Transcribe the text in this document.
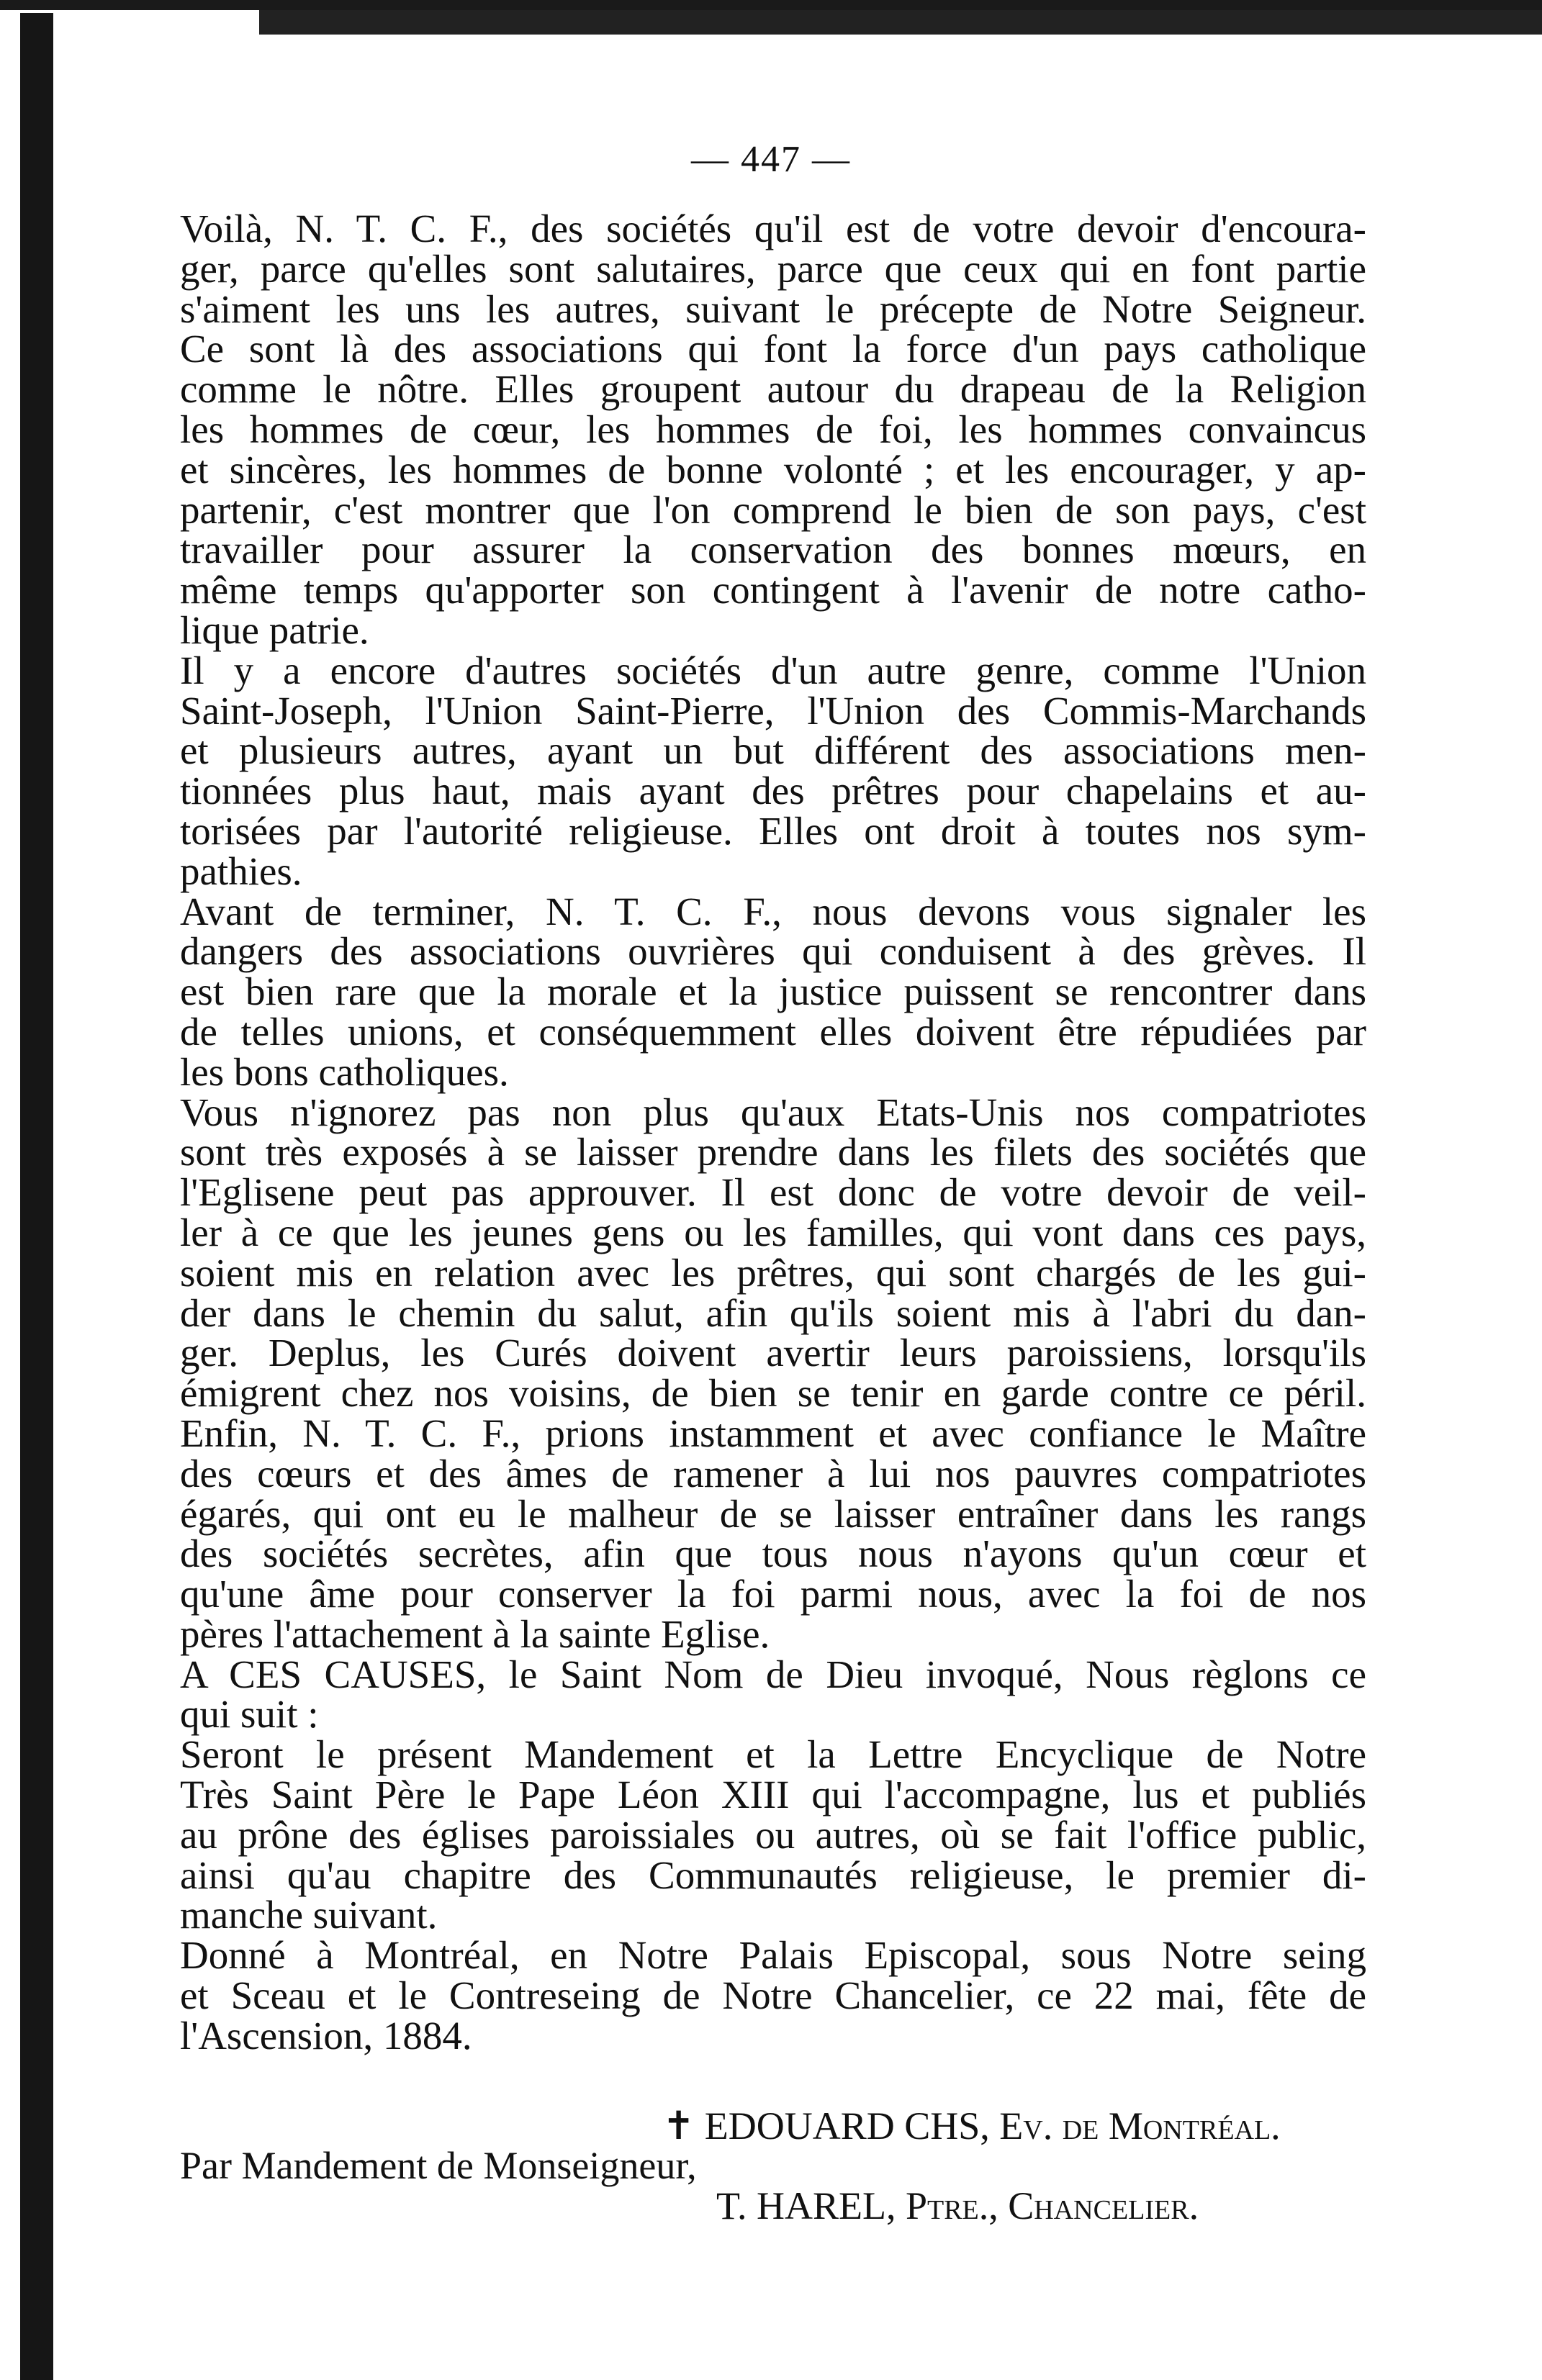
— 447 —
Voilà, N. T. C. F., des sociétés qu'il est de votre devoir d'encoura-
ger, parce qu'elles sont salutaires, parce que ceux qui en font partie
s'aiment les uns les autres, suivant le précepte de Notre Seigneur.
Ce sont là des associations qui font la force d'un pays catholique
comme le nôtre. Elles groupent autour du drapeau de la Religion
les hommes de cœur, les hommes de foi, les hommes convaincus
et sincères, les hommes de bonne volonté ; et les encourager, y ap-
partenir, c'est montrer que l'on comprend le bien de son pays, c'est
travailler pour assurer la conservation des bonnes mœurs, en
même temps qu'apporter son contingent à l'avenir de notre catho-
lique patrie.
Il y a encore d'autres sociétés d'un autre genre, comme l'Union
Saint-Joseph, l'Union Saint-Pierre, l'Union des Commis-Marchands
et plusieurs autres, ayant un but différent des associations men-
tionnées plus haut, mais ayant des prêtres pour chapelains et au-
torisées par l'autorité religieuse. Elles ont droit à toutes nos sym-
pathies.
Avant de terminer, N. T. C. F., nous devons vous signaler les
dangers des associations ouvrières qui conduisent à des grèves. Il
est bien rare que la morale et la justice puissent se rencontrer dans
de telles unions, et conséquemment elles doivent être répudiées par
les bons catholiques.
Vous n'ignorez pas non plus qu'aux Etats-Unis nos compatriotes
sont très exposés à se laisser prendre dans les filets des sociétés que
l'Eglisene peut pas approuver. Il est donc de votre devoir de veil-
ler à ce que les jeunes gens ou les familles, qui vont dans ces pays,
soient mis en relation avec les prêtres, qui sont chargés de les gui-
der dans le chemin du salut, afin qu'ils soient mis à l'abri du dan-
ger. Deplus, les Curés doivent avertir leurs paroissiens, lorsqu'ils
émigrent chez nos voisins, de bien se tenir en garde contre ce péril.
Enfin, N. T. C. F., prions instamment et avec confiance le Maître
des cœurs et des âmes de ramener à lui nos pauvres compatriotes
égarés, qui ont eu le malheur de se laisser entraîner dans les rangs
des sociétés secrètes, afin que tous nous n'ayons qu'un cœur et
qu'une âme pour conserver la foi parmi nous, avec la foi de nos
pères l'attachement à la sainte Eglise.
A CES CAUSES, le Saint Nom de Dieu invoqué, Nous règlons ce
qui suit :
Seront le présent Mandement et la Lettre Encyclique de Notre
Très Saint Père le Pape Léon XIII qui l'accompagne, lus et publiés
au prône des églises paroissiales ou autres, où se fait l'office public,
ainsi qu'au chapitre des Communautés religieuse, le premier di-
manche suivant.
Donné à Montréal, en Notre Palais Episcopal, sous Notre seing
et Sceau et le Contreseing de Notre Chancelier, ce 22 mai, fête de
l'Ascension, 1884.
✝ EDOUARD CHS, Ev. de Montréal.
Par Mandement de Monseigneur,
T. HAREL, Ptre., Chancelier.
